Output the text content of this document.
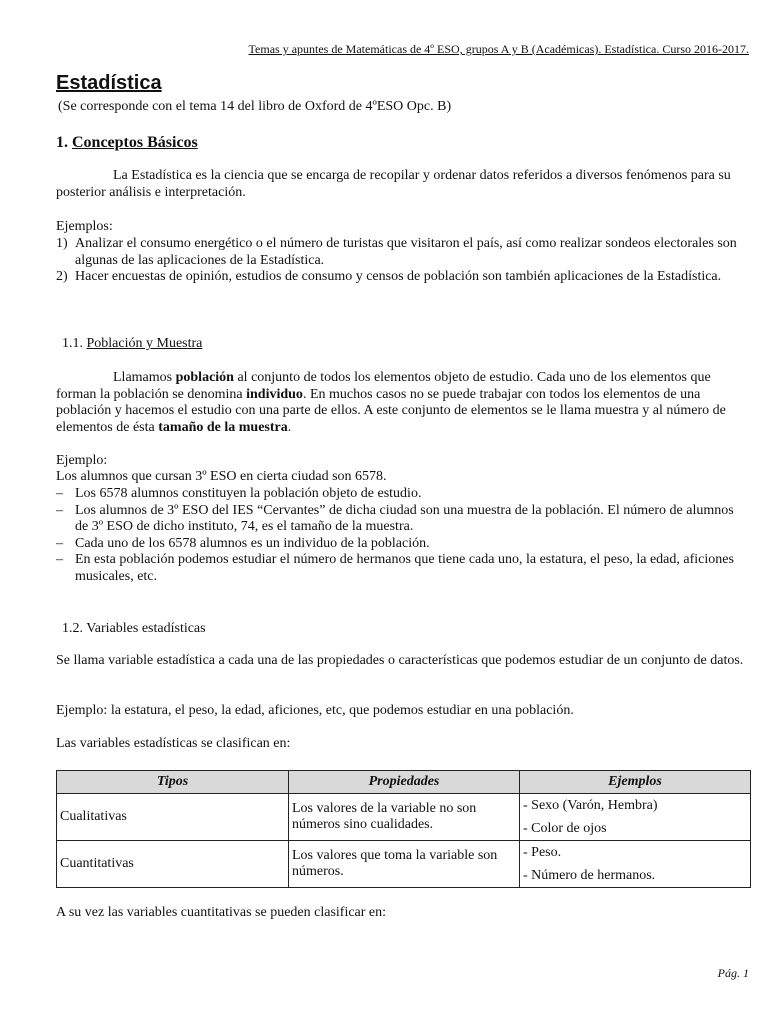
Temas y apuntes de Matemáticas de 4º ESO, grupos A y B (Académicas). Estadística. Curso 2016-2017.
Estadística
(Se corresponde con el tema 14 del libro de Oxford de 4ºESO Opc. B)
1. Conceptos Básicos
La Estadística es la ciencia que se encarga de recopilar y ordenar datos referidos a diversos fenómenos para su posterior análisis e interpretación.
Ejemplos:
1) Analizar el consumo energético o el número de turistas que visitaron el país, así como realizar sondeos electorales son algunas de las aplicaciones de la Estadística.
2) Hacer encuestas de opinión, estudios de consumo y censos de población son también aplicaciones de la Estadística.
1.1. Población y Muestra
Llamamos población al conjunto de todos los elementos objeto de estudio. Cada uno de los elementos que forman la población se denomina individuo. En muchos casos no se puede trabajar con todos los elementos de una población y hacemos el estudio con una parte de ellos. A este conjunto de elementos se le llama muestra y al número de elementos de ésta tamaño de la muestra.
Ejemplo:
Los alumnos que cursan 3º ESO en cierta ciudad son 6578.
– Los 6578 alumnos constituyen la población objeto de estudio.
– Los alumnos de 3º ESO del IES “Cervantes” de dicha ciudad son una muestra de la población. El número de alumnos de 3º ESO de dicho instituto, 74, es el tamaño de la muestra.
– Cada uno de los 6578 alumnos es un individuo de la población.
– En esta población podemos estudiar el número de hermanos que tiene cada uno, la estatura, el peso, la edad, aficiones musicales, etc.
1.2. Variables estadísticas
Se llama variable estadística a cada una de las propiedades o características que podemos estudiar de un conjunto de datos.
Ejemplo: la estatura, el peso, la edad, aficiones, etc, que podemos estudiar en una población.
Las variables estadísticas se clasifican en:
Tipos	Propiedades	Ejemplos
Cualitativas	Los valores de la variable no son números sino cualidades.	- Sexo (Varón, Hembra)
- Color de ojos

Cuantitativas	Los valores que toma la variable son números.	- Peso.
- Número de hermanos.
A su vez las variables cuantitativas se pueden clasificar en:
Pág. 1
